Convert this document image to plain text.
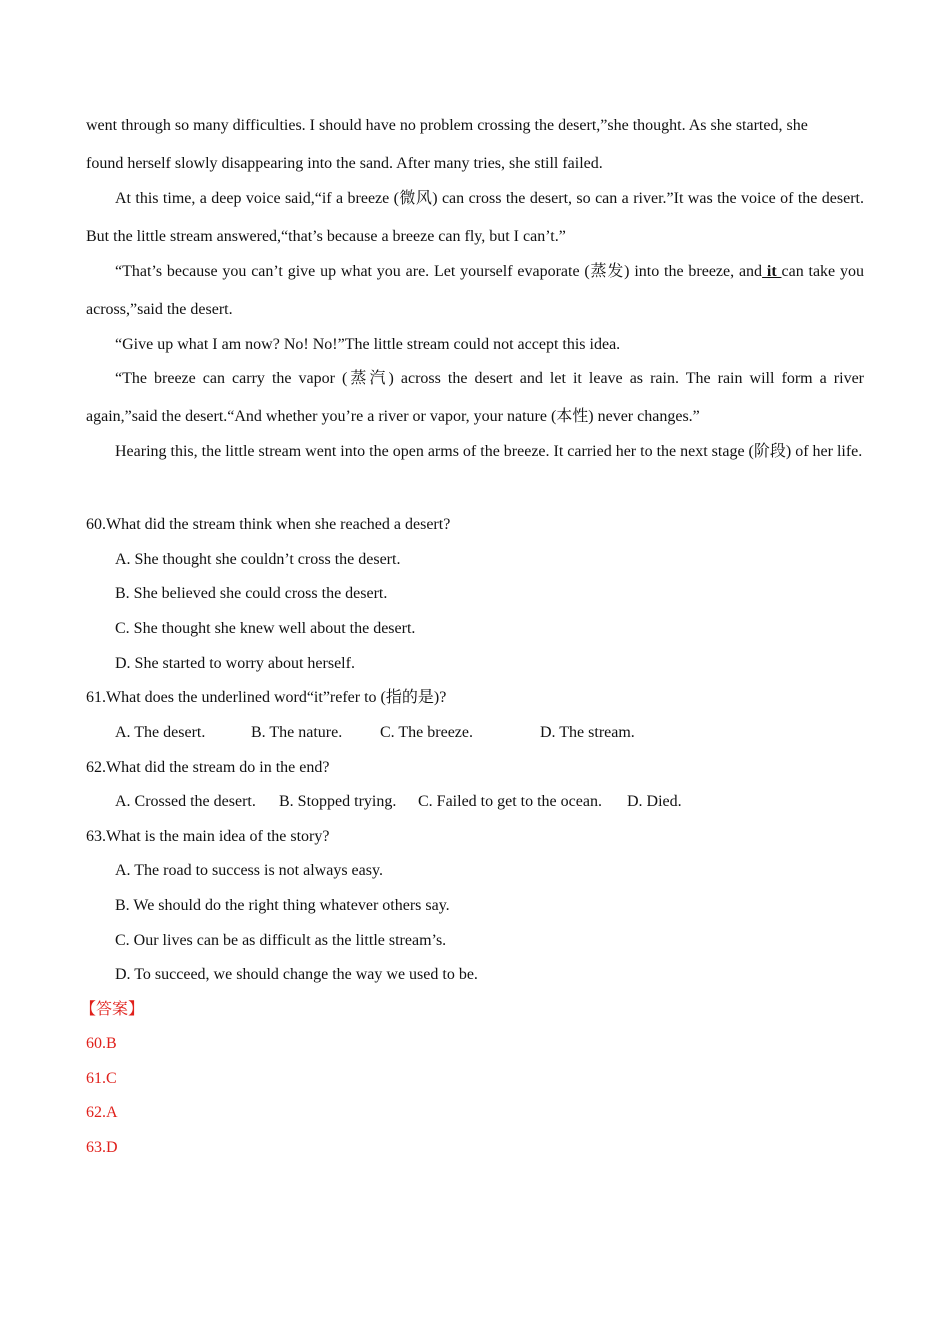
went through so many difficulties. I should have no problem crossing the desert,”she thought. As she started, she
found herself slowly disappearing into the sand. After many tries, she still failed.

At this time, a deep voice said,“if a breeze (微风) can cross the desert, so can a river.”It was the voice of the desert. But the little stream answered,“that’s because a breeze can fly, but I can’t.”

“That’s because you can’t give up what you are. Let yourself evaporate (蒸发) into the breeze, and it can take you across,”said the desert.

“Give up what I am now? No! No!”The little stream could not accept this idea.

“The breeze can carry the vapor (蒸汽) across the desert and let it leave as rain. The rain will form a river again,”said the desert.“And whether you’re a river or vapor, your nature (本性) never changes.”

Hearing this, the little stream went into the open arms of the breeze. It carried her to the next stage (阶段) of her life.

60.What did the stream think when she reached a desert?

A. She thought she couldn’t cross the desert.

B. She believed she could cross the desert.

C. She thought she knew well about the desert.

D. She started to worry about herself.

61.What does the underlined word“it”refer to (指的是)?

A. The desert.	B. The nature. C. The breeze.	D. The stream.

62.What did the stream do in the end?

A. Crossed the desert. B. Stopped trying. C. Failed to get to the ocean. D. Died.

63.What is the main idea of the story?

A. The road to success is not always easy.

B. We should do the right thing whatever others say.

C. Our lives can be as difficult as the little stream’s.

D. To succeed, we should change the way we used to be.

【答案】

60.B

61.C

62.A

63.D
